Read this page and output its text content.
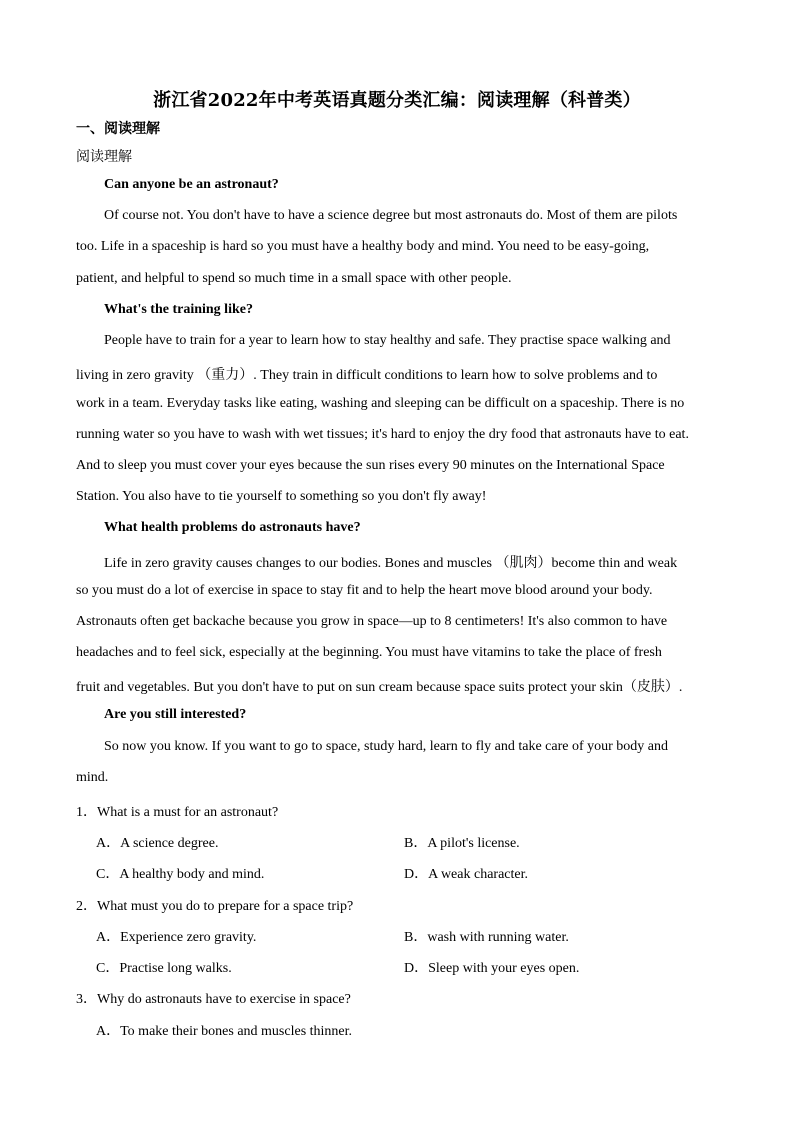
浙江省2022年中考英语真题分类汇编：阅读理解（科普类）
一、阅读理解
阅读理解
Can anyone be an astronaut?
Of course not. You don't have to have a science degree but most astronauts do. Most of them are pilots
too. Life in a spaceship is hard so you must have a healthy body and mind. You need to be easy-going,
patient, and helpful to spend so much time in a small space with other people.
What's the training like?
People have to train for a year to learn how to stay healthy and safe. They practise space walking and
living in zero gravity （重力）. They train in difficult conditions to learn how to solve problems and to
work in a team. Everyday tasks like eating, washing and sleeping can be difficult on a spaceship. There is no
running water so you have to wash with wet tissues; it's hard to enjoy the dry food that astronauts have to eat.
And to sleep you must cover your eyes because the sun rises every 90 minutes on the International Space
Station. You also have to tie yourself to something so you don't fly away!
What health problems do astronauts have?
Life in zero gravity causes changes to our bodies. Bones and muscles （肌肉）become thin and weak
so you must do a lot of exercise in space to stay fit and to help the heart move blood around your body.
Astronauts often get backache because you grow in space—up to 8 centimeters! It's also common to have
headaches and to feel sick, especially at the beginning. You must have vitamins to take the place of fresh
fruit and vegetables. But you don't have to put on sun cream because space suits protect your skin（皮肤）.
Are you still interested?
So now you know. If you want to go to space, study hard, learn to fly and take care of your body and
mind.
1．What is a must for an astronaut?
A．A science degree.	B．A pilot's license.
C．A healthy body and mind.	D．A weak character.
2．What must you do to prepare for a space trip?
A．Experience zero gravity.	B．wash with running water.
C．Practise long walks.	D．Sleep with your eyes open.
3．Why do astronauts have to exercise in space?
A．To make their bones and muscles thinner.
